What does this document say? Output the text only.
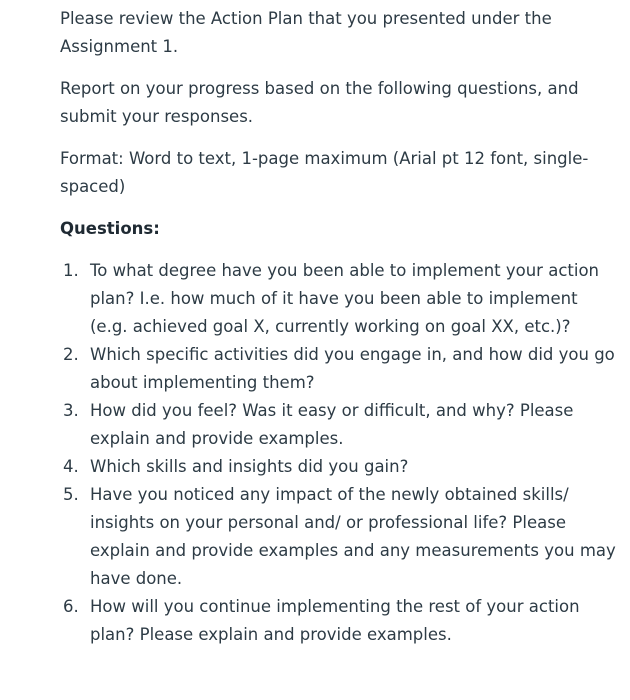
Please review the Action Plan that you presented under the Assignment 1.

Report on your progress based on the following questions, and submit your responses.

Format: Word to text, 1-page maximum (Arial pt 12 font, single-spaced)

Questions:

1. To what degree have you been able to implement your action plan? I.e. how much of it have you been able to implement (e.g. achieved goal X, currently working on goal XX, etc.)?
2. Which specific activities did you engage in, and how did you go about implementing them?
3. How did you feel? Was it easy or difficult, and why? Please explain and provide examples.
4. Which skills and insights did you gain?
5. Have you noticed any impact of the newly obtained skills/ insights on your personal and/ or professional life? Please explain and provide examples and any measurements you may have done.
6. How will you continue implementing the rest of your action plan? Please explain and provide examples.
